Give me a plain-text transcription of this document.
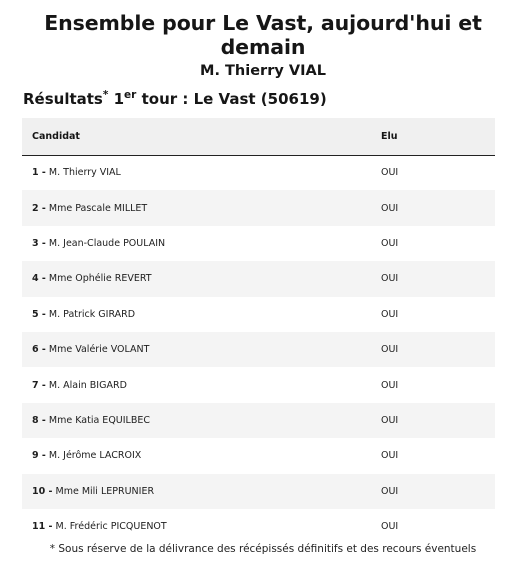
Ensemble pour Le Vast, aujourd'hui et demain

M. Thierry VIAL

Résultats* 1er tour : Le Vast (50619)
Candidat	Elu
1 - M. Thierry VIAL	OUI
2 - Mme Pascale MILLET	OUI
3 - M. Jean-Claude POULAIN	OUI
4 - Mme Ophélie REVERT	OUI
5 - M. Patrick GIRARD	OUI
6 - Mme Valérie VOLANT	OUI
7 - M. Alain BIGARD	OUI
8 - Mme Katia EQUILBEC	OUI
9 - M. Jérôme LACROIX	OUI
10 - Mme Mili LEPRUNIER	OUI
11 - M. Frédéric PICQUENOT	OUI
* Sous réserve de la délivrance des récépissés définitifs et des recours éventuels
